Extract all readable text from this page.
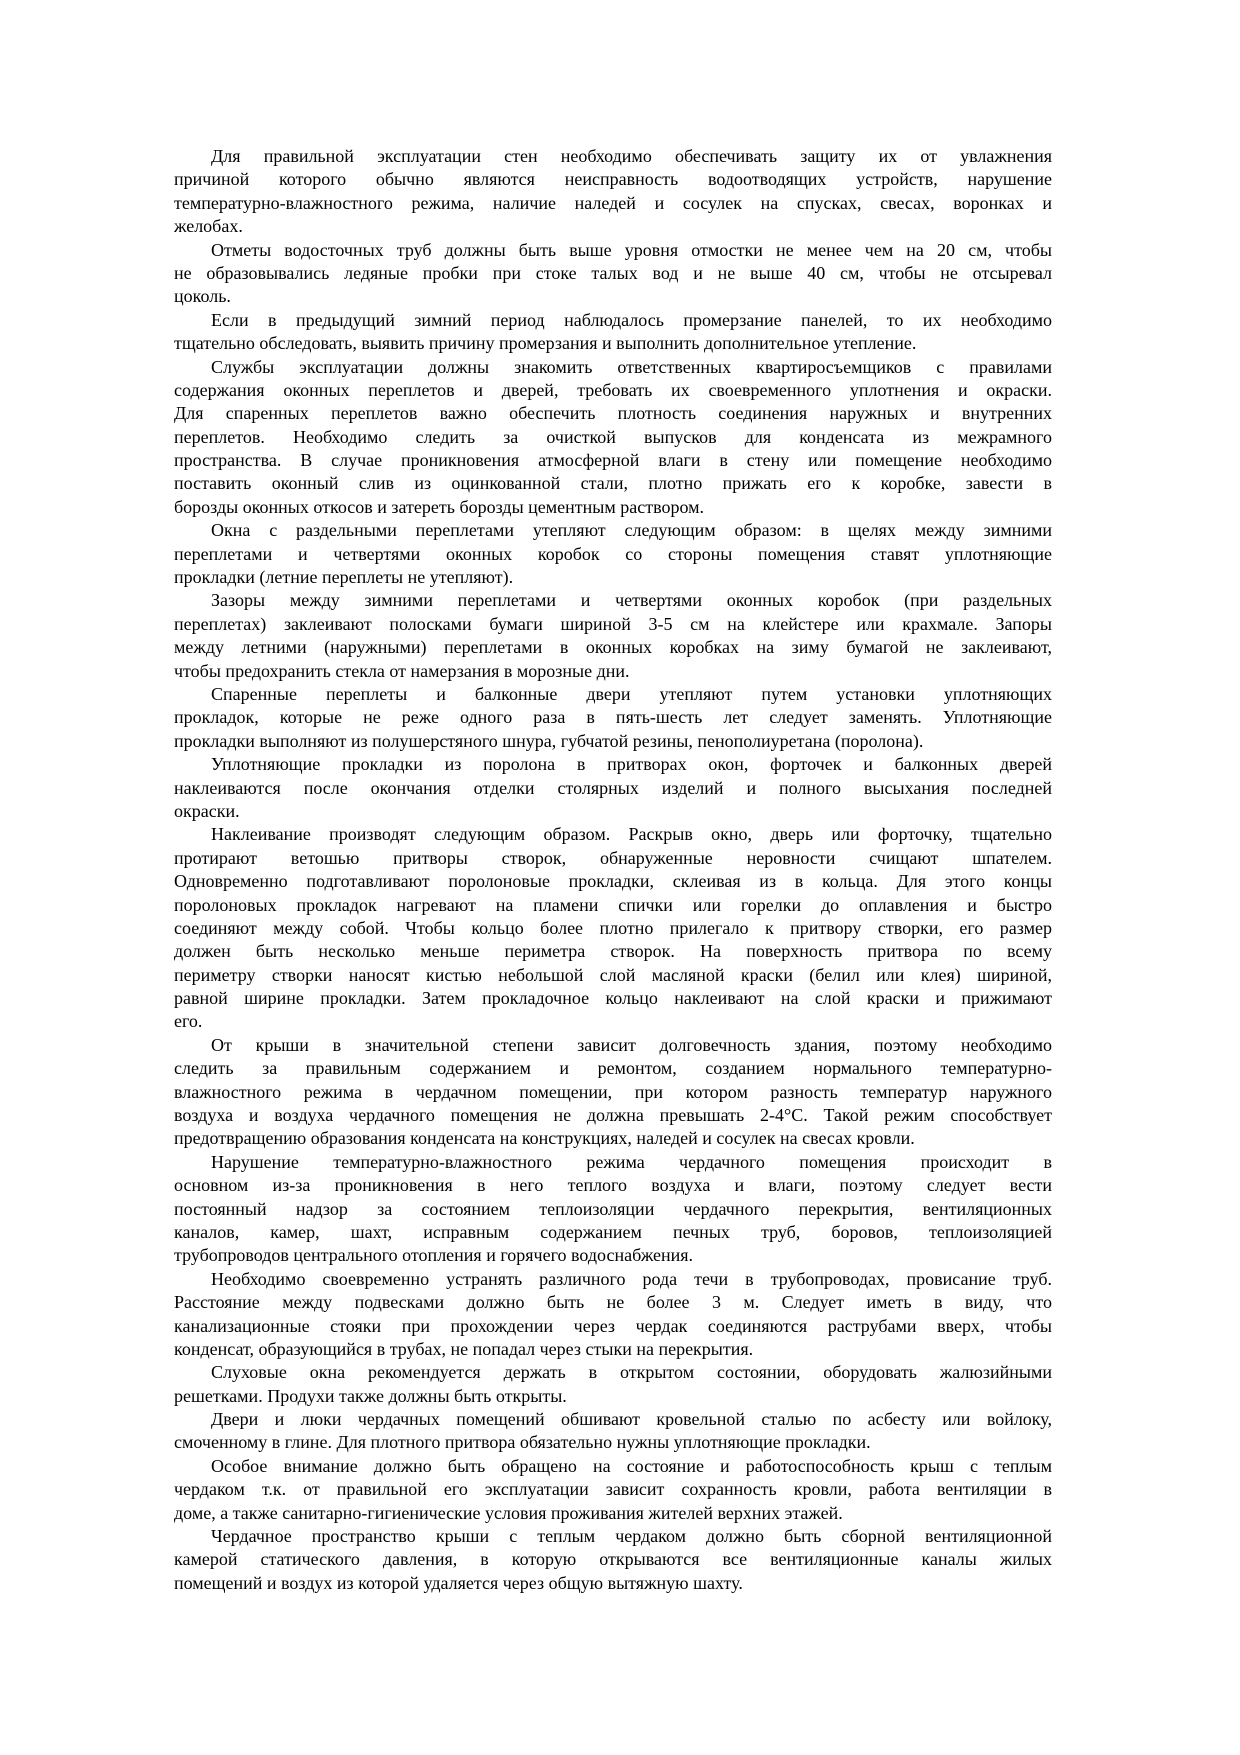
Для правильной эксплуатации стен необходимо обеспечивать защиту их от увлажнения
причиной которого обычно являются неисправность водоотводящих устройств, нарушение
температурно-влажностного режима, наличие наледей и сосулек на спусках, свесах, воронках и
желобах.
Отметы водосточных труб должны быть выше уровня отмостки не менее чем на 20 см, чтобы
не образовывались ледяные пробки при стоке талых вод и не выше 40 см, чтобы не отсыревал
цоколь.
Если в предыдущий зимний период наблюдалось промерзание панелей, то их необходимо
тщательно обследовать, выявить причину промерзания и выполнить дополнительное утепление.
Службы эксплуатации должны знакомить ответственных квартиросъемщиков с правилами
содержания оконных переплетов и дверей, требовать их своевременного уплотнения и окраски.
Для спаренных переплетов важно обеспечить плотность соединения наружных и внутренних
переплетов. Необходимо следить за очисткой выпусков для конденсата из межрамного
пространства. В случае проникновения атмосферной влаги в стену или помещение необходимо
поставить оконный слив из оцинкованной стали, плотно прижать его к коробке, завести в
борозды оконных откосов и затереть борозды цементным раствором.
Окна с раздельными переплетами утепляют следующим образом: в щелях между зимними
переплетами и четвертями оконных коробок со стороны помещения ставят уплотняющие
прокладки (летние переплеты не утепляют).
Зазоры между зимними переплетами и четвертями оконных коробок (при раздельных
переплетах) заклеивают полосками бумаги шириной 3-5 см на клейстере или крахмале. Запоры
между летними (наружными) переплетами в оконных коробках на зиму бумагой не заклеивают,
чтобы предохранить стекла от намерзания в морозные дни.
Спаренные переплеты и балконные двери утепляют путем установки уплотняющих
прокладок, которые не реже одного раза в пять-шесть лет следует заменять. Уплотняющие
прокладки выполняют из полушерстяного шнура, губчатой резины, пенополиуретана (поролона).
Уплотняющие прокладки из поролона в притворах окон, форточек и балконных дверей
наклеиваются после окончания отделки столярных изделий и полного высыхания последней
окраски.
Наклеивание производят следующим образом. Раскрыв окно, дверь или форточку, тщательно
протирают ветошью притворы створок, обнаруженные неровности счищают шпателем.
Одновременно подготавливают поролоновые прокладки, склеивая из в кольца. Для этого концы
поролоновых прокладок нагревают на пламени спички или горелки до оплавления и быстро
соединяют между собой. Чтобы кольцо более плотно прилегало к притвору створки, его размер
должен быть несколько меньше периметра створок. На поверхность притвора по всему
периметру створки наносят кистью небольшой слой масляной краски (белил или клея) шириной,
равной ширине прокладки. Затем прокладочное кольцо наклеивают на слой краски и прижимают
его.
От крыши в значительной степени зависит долговечность здания, поэтому необходимо
следить за правильным содержанием и ремонтом, созданием нормального температурно-
влажностного режима в чердачном помещении, при котором разность температур наружного
воздуха и воздуха чердачного помещения не должна превышать 2-4°С. Такой режим способствует
предотвращению образования конденсата на конструкциях, наледей и сосулек на свесах кровли.
Нарушение температурно-влажностного режима чердачного помещения происходит в
основном из-за проникновения в него теплого воздуха и влаги, поэтому следует вести
постоянный надзор за состоянием теплоизоляции чердачного перекрытия, вентиляционных
каналов, камер, шахт, исправным содержанием печных труб, боровов, теплоизоляцией
трубопроводов центрального отопления и горячего водоснабжения.
Необходимо своевременно устранять различного рода течи в трубопроводах, провисание труб.
Расстояние между подвесками должно быть не более 3 м. Следует иметь в виду, что
канализационные стояки при прохождении через чердак соединяются раструбами вверх, чтобы
конденсат, образующийся в трубах, не попадал через стыки на перекрытия.
Слуховые окна рекомендуется держать в открытом состоянии, оборудовать жалюзийными
решетками. Продухи также должны быть открыты.
Двери и люки чердачных помещений обшивают кровельной сталью по асбесту или войлоку,
смоченному в глине. Для плотного притвора обязательно нужны уплотняющие прокладки.
Особое внимание должно быть обращено на состояние и работоспособность крыш с теплым
чердаком т.к. от правильной его эксплуатации зависит сохранность кровли, работа вентиляции в
доме, а также санитарно-гигиенические условия проживания жителей верхних этажей.
Чердачное пространство крыши с теплым чердаком должно быть сборной вентиляционной
камерой статического давления, в которую открываются все вентиляционные каналы жилых
помещений и воздух из которой удаляется через общую вытяжную шахту.
